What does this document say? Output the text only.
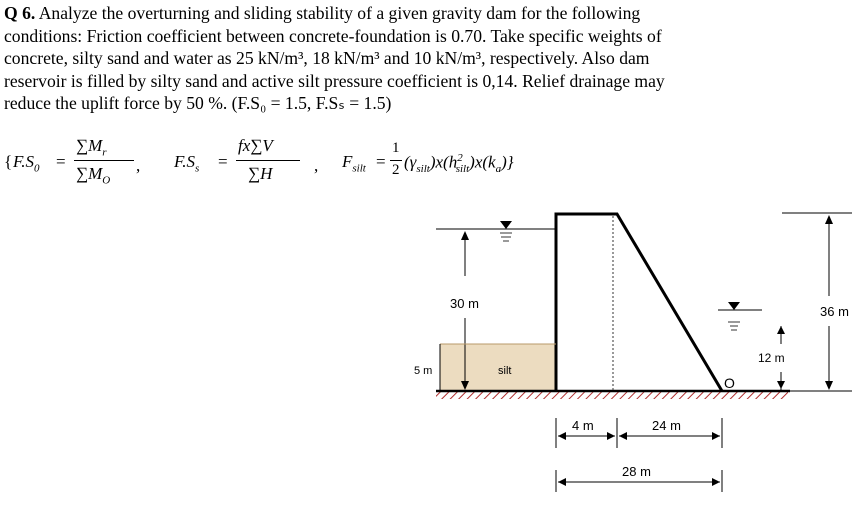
Q 6. Analyze the overturning and sliding stability of a given gravity dam for the following
conditions: Friction coefficient between concrete-foundation is 0.70. Take specific weights of
concrete, silty sand and water as 25 kN/m³, 18 kN/m³ and 10 kN/m³, respectively. Also dam
reservoir is filled by silty sand and active silt pressure coefficient is 0,14. Relief drainage may
reduce the uplift force by 50 %. (F.S₀ = 1.5, F.Sₛ = 1.5)
{ $F.S_0$ =
$\sum M_r$
$\sum M_O$
, $F.S_s$ =
fx∑V
∑H , $F_{silt}$ =
1
2 $(\gamma_{silt})x(h^2_{silt})x(k_a)$}
30 m
5 m	silt
12 m
O
36 m
4 m	24 m
28 m
